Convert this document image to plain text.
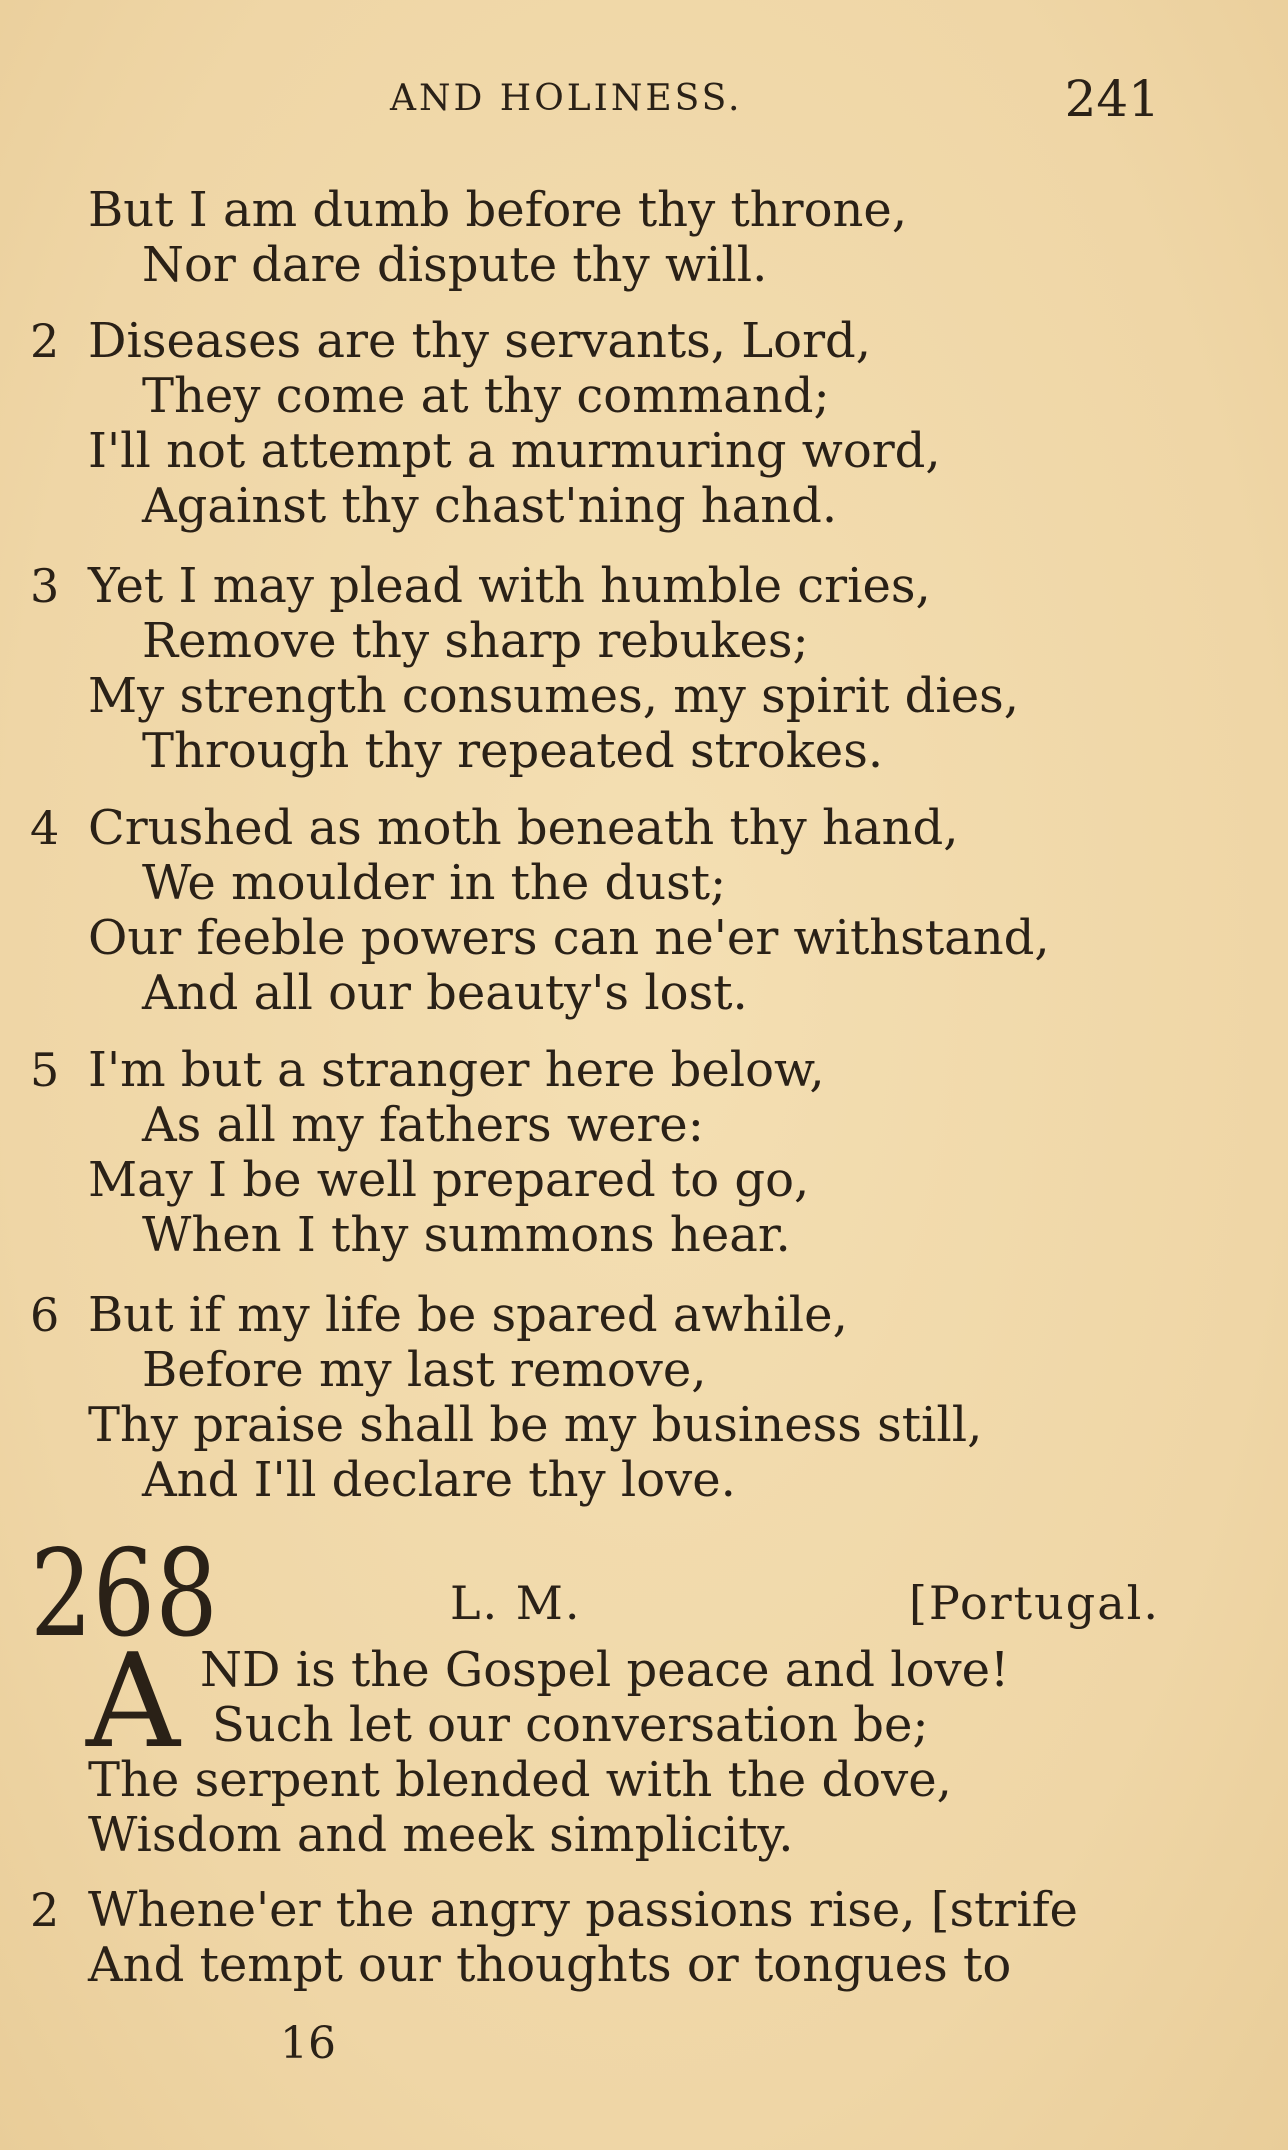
AND HOLINESS.	241
But I am dumb before thy throne,
Nor dare dispute thy will.
2 Diseases are thy servants, Lord,
They come at thy command;
I'll not attempt a murmuring word,
Against thy chast'ning hand.
3 Yet I may plead with humble cries,
Remove thy sharp rebukes;
My strength consumes, my spirit dies,
Through thy repeated strokes.
4 Crushed as moth beneath thy hand,
We moulder in the dust;
Our feeble powers can ne'er withstand,
And all our beauty's lost.
5 I'm but a stranger here below,
As all my fathers were:
May I be well prepared to go,
When I thy summons hear.
6 But if my life be spared awhile,
Before my last remove,
Thy praise shall be my business still,
And I'll declare thy love.
268	L. M.	[Portugal.
A ND is the Gospel peace and love!
Such let our conversation be;
The serpent blended with the dove,
Wisdom and meek simplicity.
2 Whene'er the angry passions rise, [strife
And tempt our thoughts or tongues to
16
